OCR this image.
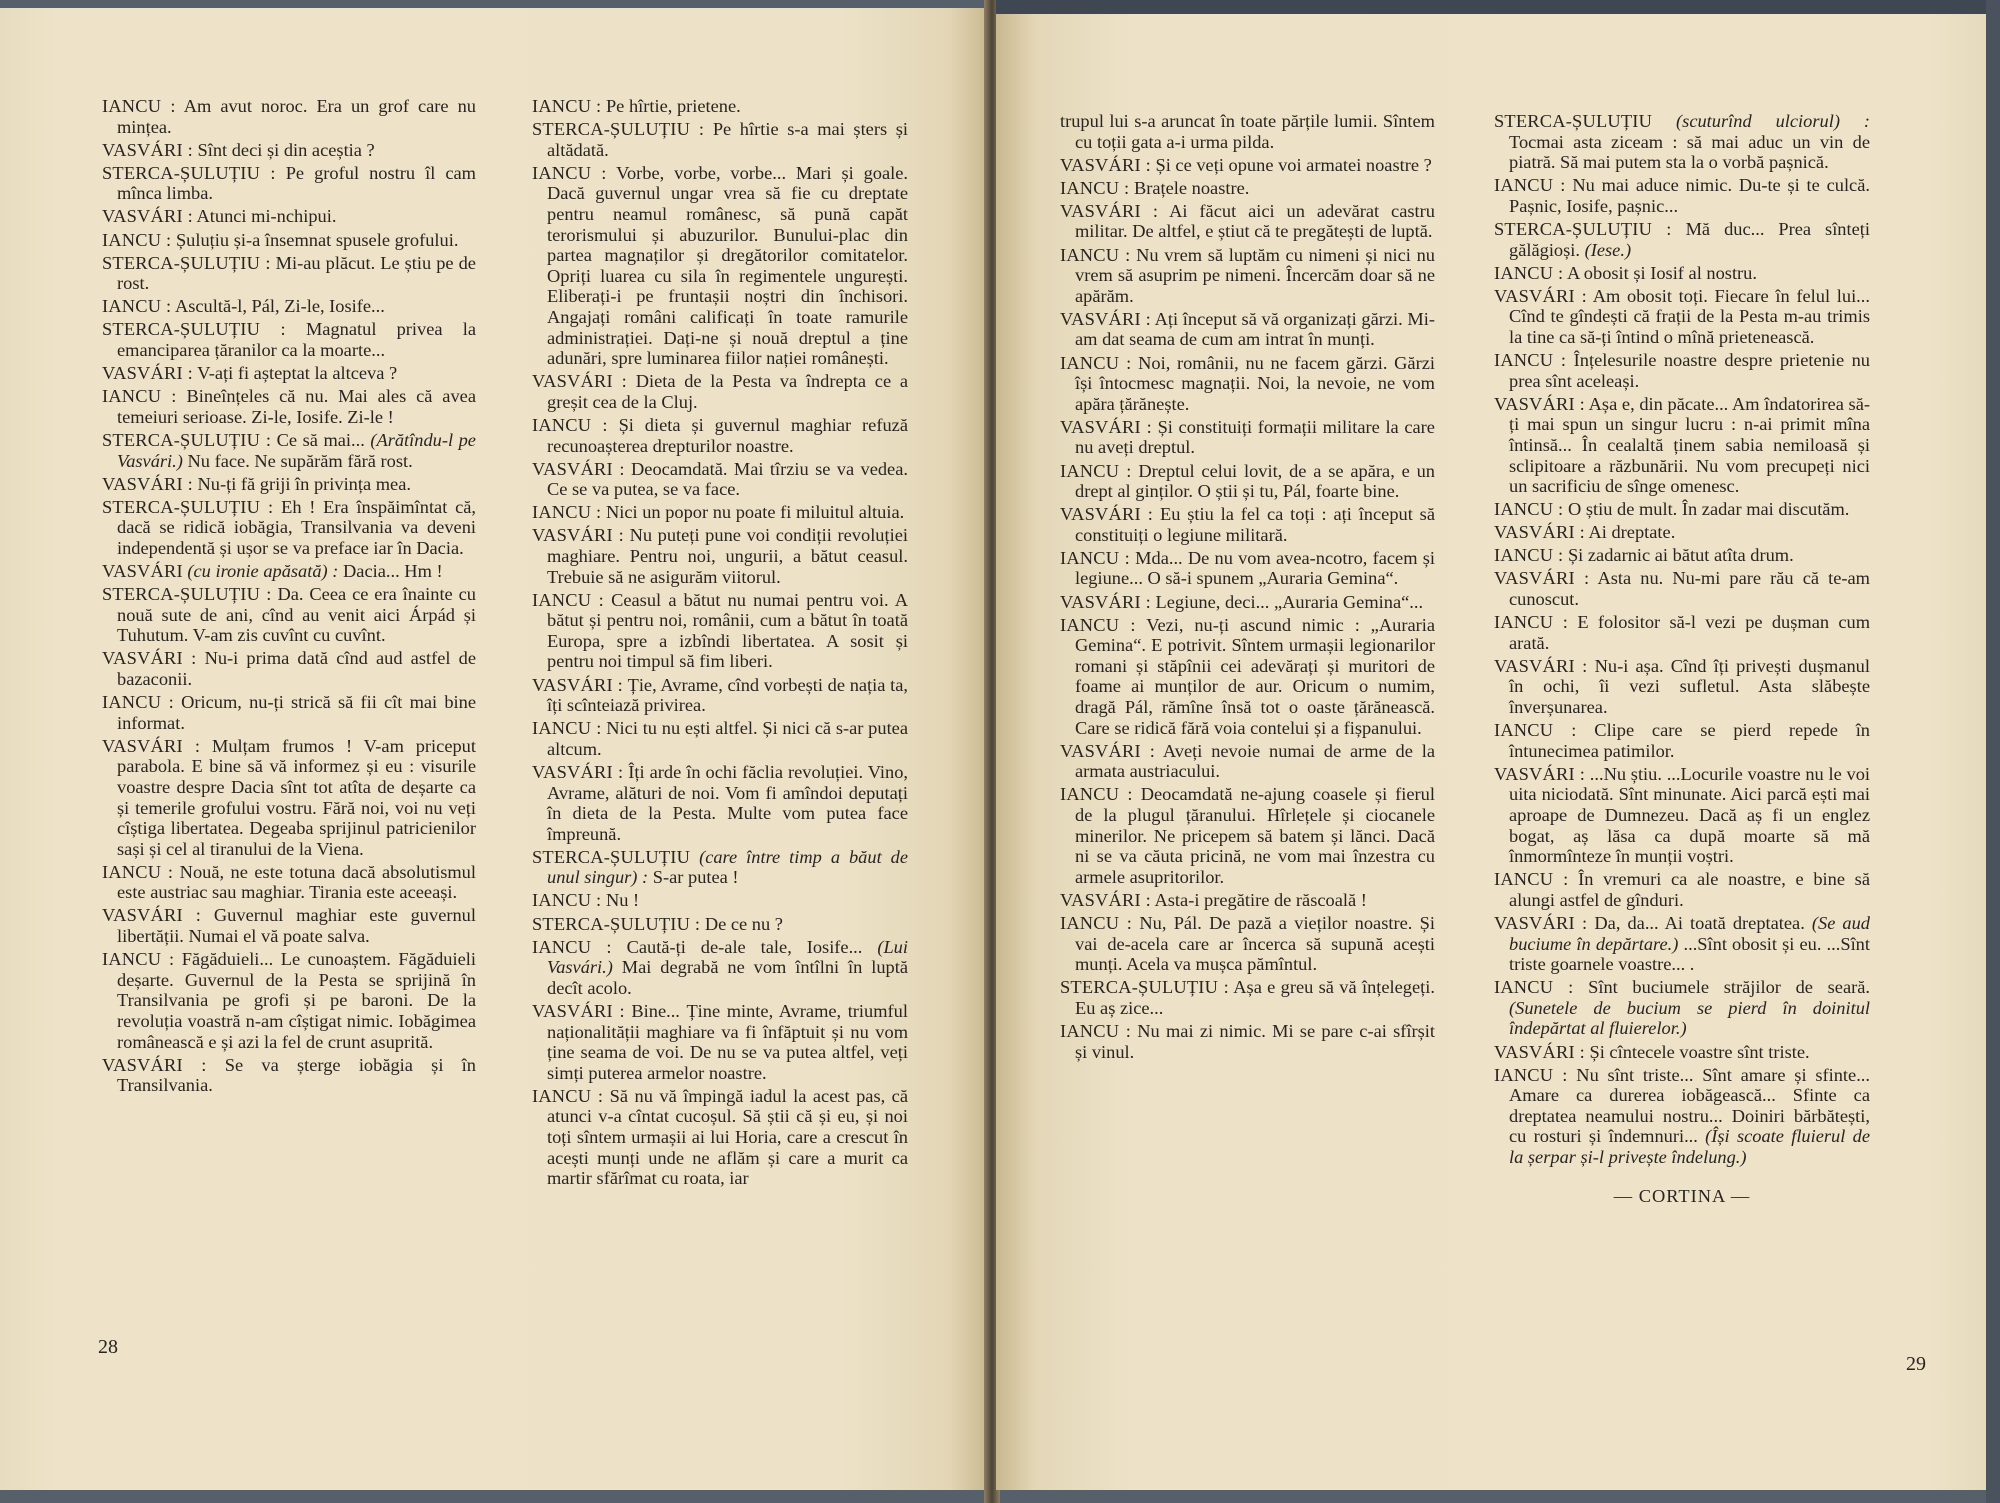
IANCU : Am avut noroc. Era un grof care nu mințea.

VASVÁRI : Sînt deci și din aceștia ?

STERCA-ȘULUȚIU : Pe groful nostru îl cam mînca limba.

VASVÁRI : Atunci mi-nchipui.

IANCU : Șuluțiu și-a însemnat spusele grofului.

STERCA-ȘULUȚIU : Mi-au plăcut. Le știu pe de rost.

IANCU : Ascultă-l, Pál, Zi-le, Iosife...

STERCA-ȘULUȚIU : Magnatul privea la emanciparea țăranilor ca la moarte...

VASVÁRI : V-ați fi așteptat la altceva ?

IANCU : Bineînțeles că nu. Mai ales că avea temeiuri serioase. Zi-le, Iosife. Zi-le !

STERCA-ȘULUȚIU : Ce să mai... (Arătîndu-l pe Vasvári.) Nu face. Ne supărăm fără rost.

VASVÁRI : Nu-ți fă griji în privința mea.

STERCA-ȘULUȚIU : Eh ! Era înspăimîntat că, dacă se ridică iobăgia, Transilvania va deveni independentă și ușor se va preface iar în Dacia.

VASVÁRI (cu ironie apăsată) : Dacia... Hm !

STERCA-ȘULUȚIU : Da. Ceea ce era înainte cu nouă sute de ani, cînd au venit aici Árpád și Tuhutum. V-am zis cuvînt cu cuvînt.

VASVÁRI : Nu-i prima dată cînd aud astfel de bazaconii.

IANCU : Oricum, nu-ți strică să fii cît mai bine informat.

VASVÁRI : Mulțam frumos ! V-am priceput parabola. E bine să vă informez și eu : visurile voastre despre Dacia sînt tot atîta de deșarte ca și temerile grofului vostru. Fără noi, voi nu veți cîștiga libertatea. Degeaba sprijinul patricienilor sași și cel al tiranului de la Viena.

IANCU : Nouă, ne este totuna dacă absolutismul este austriac sau maghiar. Tirania este aceeași.

VASVÁRI : Guvernul maghiar este guvernul libertății. Numai el vă poate salva.

IANCU : Făgăduieli... Le cunoaștem. Făgăduieli deșarte. Guvernul de la Pesta se sprijină în Transilvania pe grofi și pe baroni. De la revoluția voastră n-am cîștigat nimic. Iobăgimea românească e și azi la fel de crunt asuprită.

VASVÁRI : Se va șterge iobăgia și în Transilvania.

IANCU : Pe hîrtie, prietene.

STERCA-ȘULUȚIU : Pe hîrtie s-a mai șters și altădată.

IANCU : Vorbe, vorbe, vorbe... Mari și goale. Dacă guvernul ungar vrea să fie cu dreptate pentru neamul românesc, să pună capăt terorismului și abuzurilor. Bunului-plac din partea magnaților și dregătorilor comitatelor. Opriți luarea cu sila în regimentele ungurești. Eliberați-i pe fruntașii noștri din închisori. Angajați români calificați în toate ramurile administrației. Dați-ne și nouă dreptul a ține adunări, spre luminarea fiilor nației românești.

VASVÁRI : Dieta de la Pesta va îndrepta ce a greșit cea de la Cluj.

IANCU : Și dieta și guvernul maghiar refuză recunoașterea drepturilor noastre.

VASVÁRI : Deocamdată. Mai tîrziu se va vedea. Ce se va putea, se va face.

IANCU : Nici un popor nu poate fi miluitul altuia.

VASVÁRI : Nu puteți pune voi condiții revoluției maghiare. Pentru noi, ungurii, a bătut ceasul. Trebuie să ne asigurăm viitorul.

IANCU : Ceasul a bătut nu numai pentru voi. A bătut și pentru noi, românii, cum a bătut în toată Europa, spre a izbîndi libertatea. A sosit și pentru noi timpul să fim liberi.

VASVÁRI : Ție, Avrame, cînd vorbești de nația ta, îți scînteiază privirea.

IANCU : Nici tu nu ești altfel. Și nici că s-ar putea altcum.

VASVÁRI : Îți arde în ochi făclia revoluției. Vino, Avrame, alături de noi. Vom fi amîndoi deputați în dieta de la Pesta. Multe vom putea face împreună.

STERCA-ȘULUȚIU (care între timp a băut de unul singur) : S-ar putea !

IANCU : Nu !

STERCA-ȘULUȚIU : De ce nu ?

IANCU : Caută-ți de-ale tale, Iosife... (Lui Vasvári.) Mai degrabă ne vom întîlni în luptă decît acolo.

VASVÁRI : Bine... Ține minte, Avrame, triumful naționalității maghiare va fi înfăptuit și nu vom ține seama de voi. De nu se va putea altfel, veți simți puterea armelor noastre.

IANCU : Să nu vă împingă iadul la acest pas, că atunci v-a cîntat cucoșul. Să știi că și eu, și noi toți sîntem urmașii ai lui Horia, care a crescut în acești munți unde ne aflăm și care a murit ca martir sfărîmat cu roata, iar

28

trupul lui s-a aruncat în toate părțile lumii. Sîntem cu toții gata a-i urma pilda.

VASVÁRI : Și ce veți opune voi armatei noastre ?

IANCU : Brațele noastre.

VASVÁRI : Ai făcut aici un adevărat castru militar. De altfel, e știut că te pregătești de luptă.

IANCU : Nu vrem să luptăm cu nimeni și nici nu vrem să asuprim pe nimeni. Încercăm doar să ne apărăm.

VASVÁRI : Ați început să vă organizați gărzi. Mi-am dat seama de cum am intrat în munți.

IANCU : Noi, românii, nu ne facem gărzi. Gărzi își întocmesc magnații. Noi, la nevoie, ne vom apăra țărănește.

VASVÁRI : Și constituiți formații militare la care nu aveți dreptul.

IANCU : Dreptul celui lovit, de a se apăra, e un drept al ginților. O știi și tu, Pál, foarte bine.

VASVÁRI : Eu știu la fel ca toți : ați început să constituiți o legiune militară.

IANCU : Mda... De nu vom avea-ncotro, facem și legiune... O să-i spunem „Auraria Gemina“.

VASVÁRI : Legiune, deci... „Auraria Gemina“...

IANCU : Vezi, nu-ți ascund nimic : „Auraria Gemina“. E potrivit. Sîntem urmașii legionarilor romani și stăpînii cei adevărați și muritori de foame ai munților de aur. Oricum o numim, dragă Pál, rămîne însă tot o oaste țărănească. Care se ridică fără voia contelui și a fișpanului.

VASVÁRI : Aveți nevoie numai de arme de la armata austriacului.

IANCU : Deocamdată ne-ajung coasele și fierul de la plugul țăranului. Hîrlețele și ciocanele minerilor. Ne pricepem să batem și lănci. Dacă ni se va căuta pricină, ne vom mai înzestra cu armele asupritorilor.

VASVÁRI : Asta-i pregătire de răscoală !

IANCU : Nu, Pál. De pază a vieților noastre. Și vai de-acela care ar încerca să supună acești munți. Acela va mușca pămîntul.

STERCA-ȘULUȚIU : Așa e greu să vă înțelegeți. Eu aș zice...

IANCU : Nu mai zi nimic. Mi se pare c-ai sfîrșit și vinul.

STERCA-ȘULUȚIU (scuturînd ulciorul) : Tocmai asta ziceam : să mai aduc un vin de piatră. Să mai putem sta la o vorbă pașnică.

IANCU : Nu mai aduce nimic. Du-te și te culcă. Pașnic, Iosife, pașnic...

STERCA-ȘULUȚIU : Mă duc... Prea sînteți gălăgioși. (Iese.)

IANCU : A obosit și Iosif al nostru.

VASVÁRI : Am obosit toți. Fiecare în felul lui... Cînd te gîndești că frații de la Pesta m-au trimis la tine ca să-ți întind o mînă prietenească.

IANCU : Înțelesurile noastre despre prietenie nu prea sînt aceleași.

VASVÁRI : Așa e, din păcate... Am îndatorirea să-ți mai spun un singur lucru : n-ai primit mîna întinsă... În cealaltă ținem sabia nemiloasă și sclipitoare a răzbunării. Nu vom precupeți nici un sacrificiu de sînge omenesc.

IANCU : O știu de mult. În zadar mai discutăm.

VASVÁRI : Ai dreptate.

IANCU : Și zadarnic ai bătut atîta drum.

VASVÁRI : Asta nu. Nu-mi pare rău că te-am cunoscut.

IANCU : E folositor să-l vezi pe dușman cum arată.

VASVÁRI : Nu-i așa. Cînd îți privești dușmanul în ochi, îi vezi sufletul. Asta slăbește înverșunarea.

IANCU : Clipe care se pierd repede în întunecimea patimilor.

VASVÁRI : ...Nu știu. ...Locurile voastre nu le voi uita niciodată. Sînt minunate. Aici parcă ești mai aproape de Dumnezeu. Dacă aș fi un englez bogat, aș lăsa ca după moarte să mă înmormînteze în munții voștri.

IANCU : În vremuri ca ale noastre, e bine să alungi astfel de gînduri.

VASVÁRI : Da, da... Ai toată dreptatea. (Se aud buciume în depărtare.) ...Sînt obosit și eu. ...Sînt triste goarnele voastre... .

IANCU : Sînt buciumele străjilor de seară. (Sunetele de bucium se pierd în doinitul îndepărtat al fluierelor.)

VASVÁRI : Și cîntecele voastre sînt triste.

IANCU : Nu sînt triste... Sînt amare și sfinte... Amare ca durerea iobăgească... Sfinte ca dreptatea neamului nostru... Doiniri bărbătești, cu rosturi și îndemnuri... (Își scoate fluierul de la șerpar și-l privește îndelung.)

— CORTINA —
29
